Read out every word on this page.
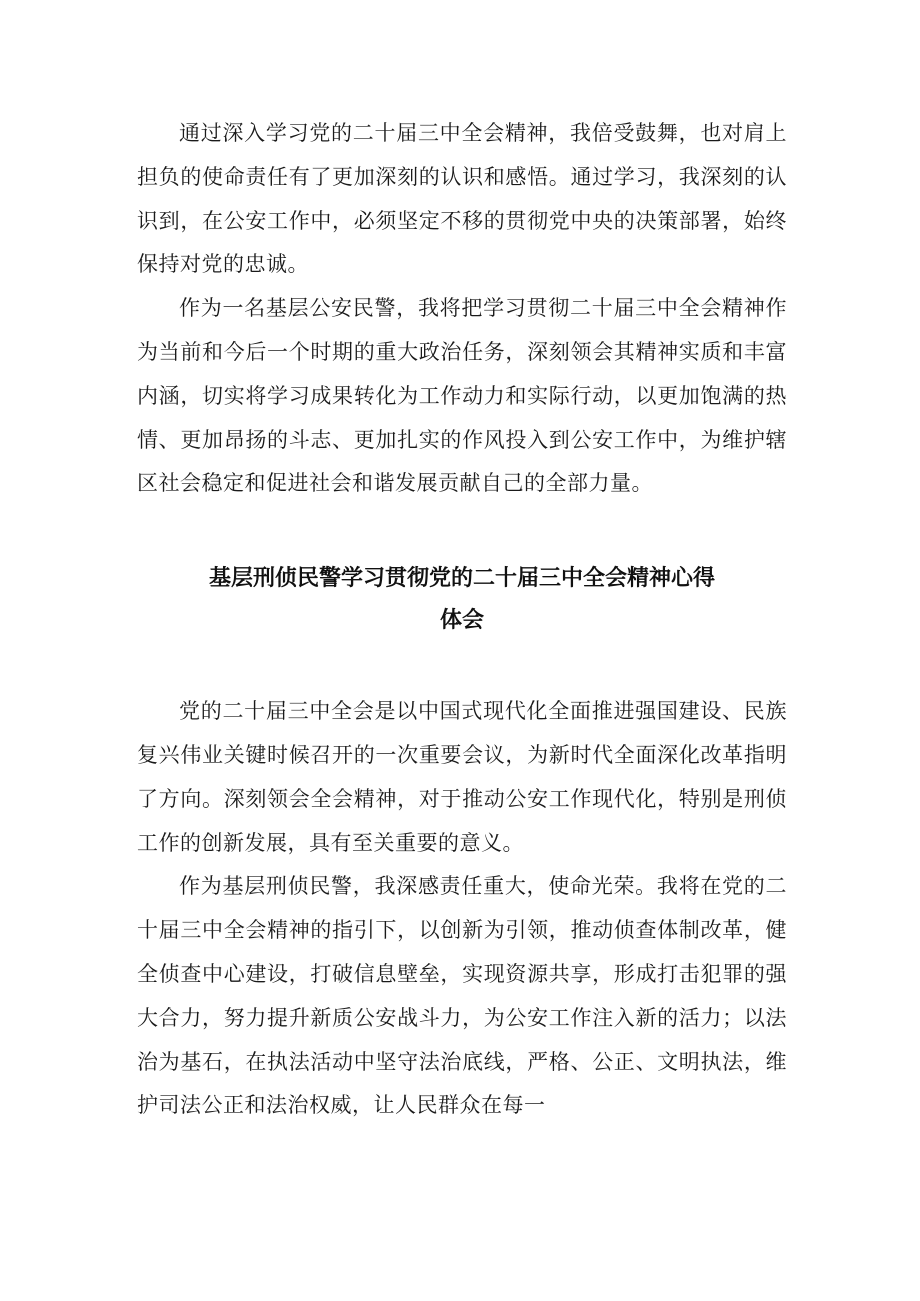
通过深入学习党的二十届三中全会精神，我倍受鼓舞，也对肩上担负的使命责任有了更加深刻的认识和感悟。通过学习，我深刻的认识到，在公安工作中，必须坚定不移的贯彻党中央的决策部署，始终保持对党的忠诚。

作为一名基层公安民警，我将把学习贯彻二十届三中全会精神作为当前和今后一个时期的重大政治任务，深刻领会其精神实质和丰富内涵，切实将学习成果转化为工作动力和实际行动，以更加饱满的热情、更加昂扬的斗志、更加扎实的作风投入到公安工作中，为维护辖区社会稳定和促进社会和谐发展贡献自己的全部力量。

基层刑侦民警学习贯彻党的二十届三中全会精神心得
体会

党的二十届三中全会是以中国式现代化全面推进强国建设、民族复兴伟业关键时候召开的一次重要会议，为新时代全面深化改革指明了方向。深刻领会全会精神，对于推动公安工作现代化，特别是刑侦工作的创新发展，具有至关重要的意义。

作为基层刑侦民警，我深感责任重大，使命光荣。我将在党的二十届三中全会精神的指引下，以创新为引领，推动侦查体制改革，健全侦查中心建设，打破信息壁垒，实现资源共享，形成打击犯罪的强大合力，努力提升新质公安战斗力，为公安工作注入新的活力；以法治为基石，在执法活动中坚守法治底线，严格、公正、文明执法，维护司法公正和法治权威，让人民群众在每一
